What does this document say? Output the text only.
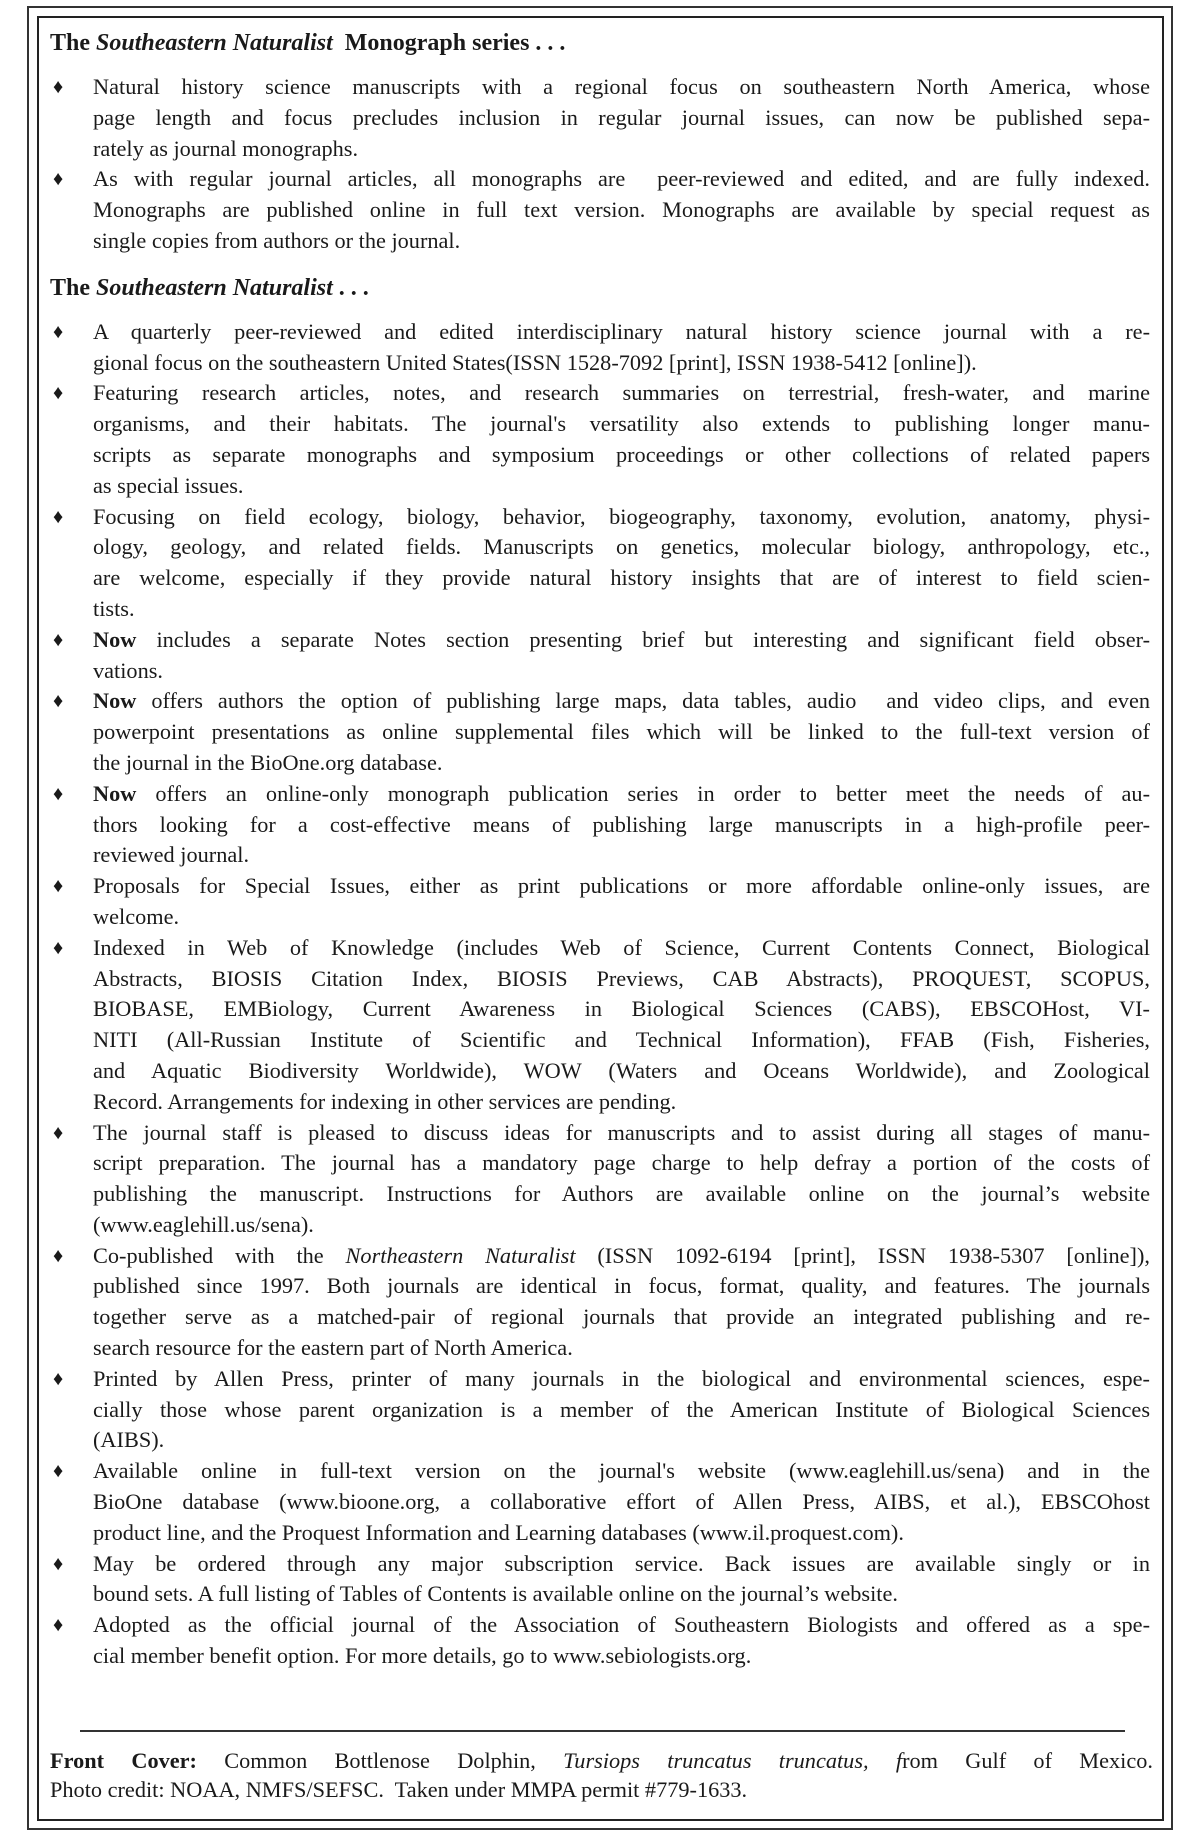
The Southeastern Naturalist  Monograph series . . .
♦ Natural history science manuscripts with a regional focus on southeastern North America, whose
page length and focus precludes inclusion in regular journal issues, can now be published sepa-
rately as journal monographs.
♦ As with regular journal articles, all monographs are  peer-reviewed and edited, and are fully indexed.
Monographs are published online in full text version. Monographs are available by special request as
single copies from authors or the journal.
The Southeastern Naturalist . . .
♦ A quarterly peer-reviewed and edited interdisciplinary natural history science journal with a re-
gional focus on the southeastern United States(ISSN 1528-7092 [print], ISSN 1938-5412 [online]).
♦ Featuring research articles, notes, and research summaries on terrestrial, fresh-water, and marine
organisms, and their habitats. The journal's versatility also extends to publishing longer manu-
scripts as separate monographs and symposium proceedings or other collections of related papers
as special issues.
♦ Focusing on field ecology, biology, behavior, biogeography, taxonomy, evolution, anatomy, physi-
ology, geology, and related fields. Manuscripts on genetics, molecular biology, anthropology, etc.,
are welcome, especially if they provide natural history insights that are of interest to field scien-
tists.
♦ Now includes a separate Notes section presenting brief but interesting and significant field obser-
vations.
♦ Now offers authors the option of publishing large maps, data tables, audio  and video clips, and even
powerpoint presentations as online supplemental files which will be linked to the full-text version of
the journal in the BioOne.org database.
♦ Now offers an online-only monograph publication series in order to better meet the needs of au-
thors looking for a cost-effective means of publishing large manuscripts in a high-profile peer-
reviewed journal.
♦ Proposals for Special Issues, either as print publications or more affordable online-only issues, are
welcome.
♦ Indexed in Web of Knowledge (includes Web of Science, Current Contents Connect, Biological
Abstracts, BIOSIS Citation Index, BIOSIS Previews, CAB Abstracts), PROQUEST, SCOPUS,
BIOBASE, EMBiology, Current Awareness in Biological Sciences (CABS), EBSCOHost, VI-
NITI (All-Russian Institute of Scientific and Technical Information), FFAB (Fish, Fisheries,
and Aquatic Biodiversity Worldwide), WOW (Waters and Oceans Worldwide), and Zoological
Record. Arrangements for indexing in other services are pending.
♦ The journal staff is pleased to discuss ideas for manuscripts and to assist during all stages of manu-
script preparation. The journal has a mandatory page charge to help defray a portion of the costs of
publishing the manuscript. Instructions for Authors are available online on the journal’s website
(www.eaglehill.us/sena).
♦ Co-published with the Northeastern Naturalist (ISSN 1092-6194 [print], ISSN 1938-5307 [online]),
published since 1997. Both journals are identical in focus, format, quality, and features. The journals
together serve as a matched-pair of regional journals that provide an integrated publishing and re-
search resource for the eastern part of North America.
♦ Printed by Allen Press, printer of many journals in the biological and environmental sciences, espe-
cially those whose parent organization is a member of the American Institute of Biological Sciences
(AIBS).
♦ Available online in full-text version on the journal's website (www.eaglehill.us/sena) and in the
BioOne database (www.bioone.org, a collaborative effort of Allen Press, AIBS, et al.), EBSCOhost
product line, and the Proquest Information and Learning databases (www.il.proquest.com).
♦ May be ordered through any major subscription service. Back issues are available singly or in
bound sets. A full listing of Tables of Contents is available online on the journal’s website.
♦ Adopted as the official journal of the Association of Southeastern Biologists and offered as a spe-
cial member benefit option. For more details, go to www.sebiologists.org.
Front Cover: Common Bottlenose Dolphin, Tursiops truncatus truncatus, from Gulf of Mexico.
Photo credit: NOAA, NMFS/SEFSC.  Taken under MMPA permit #779-1633.
